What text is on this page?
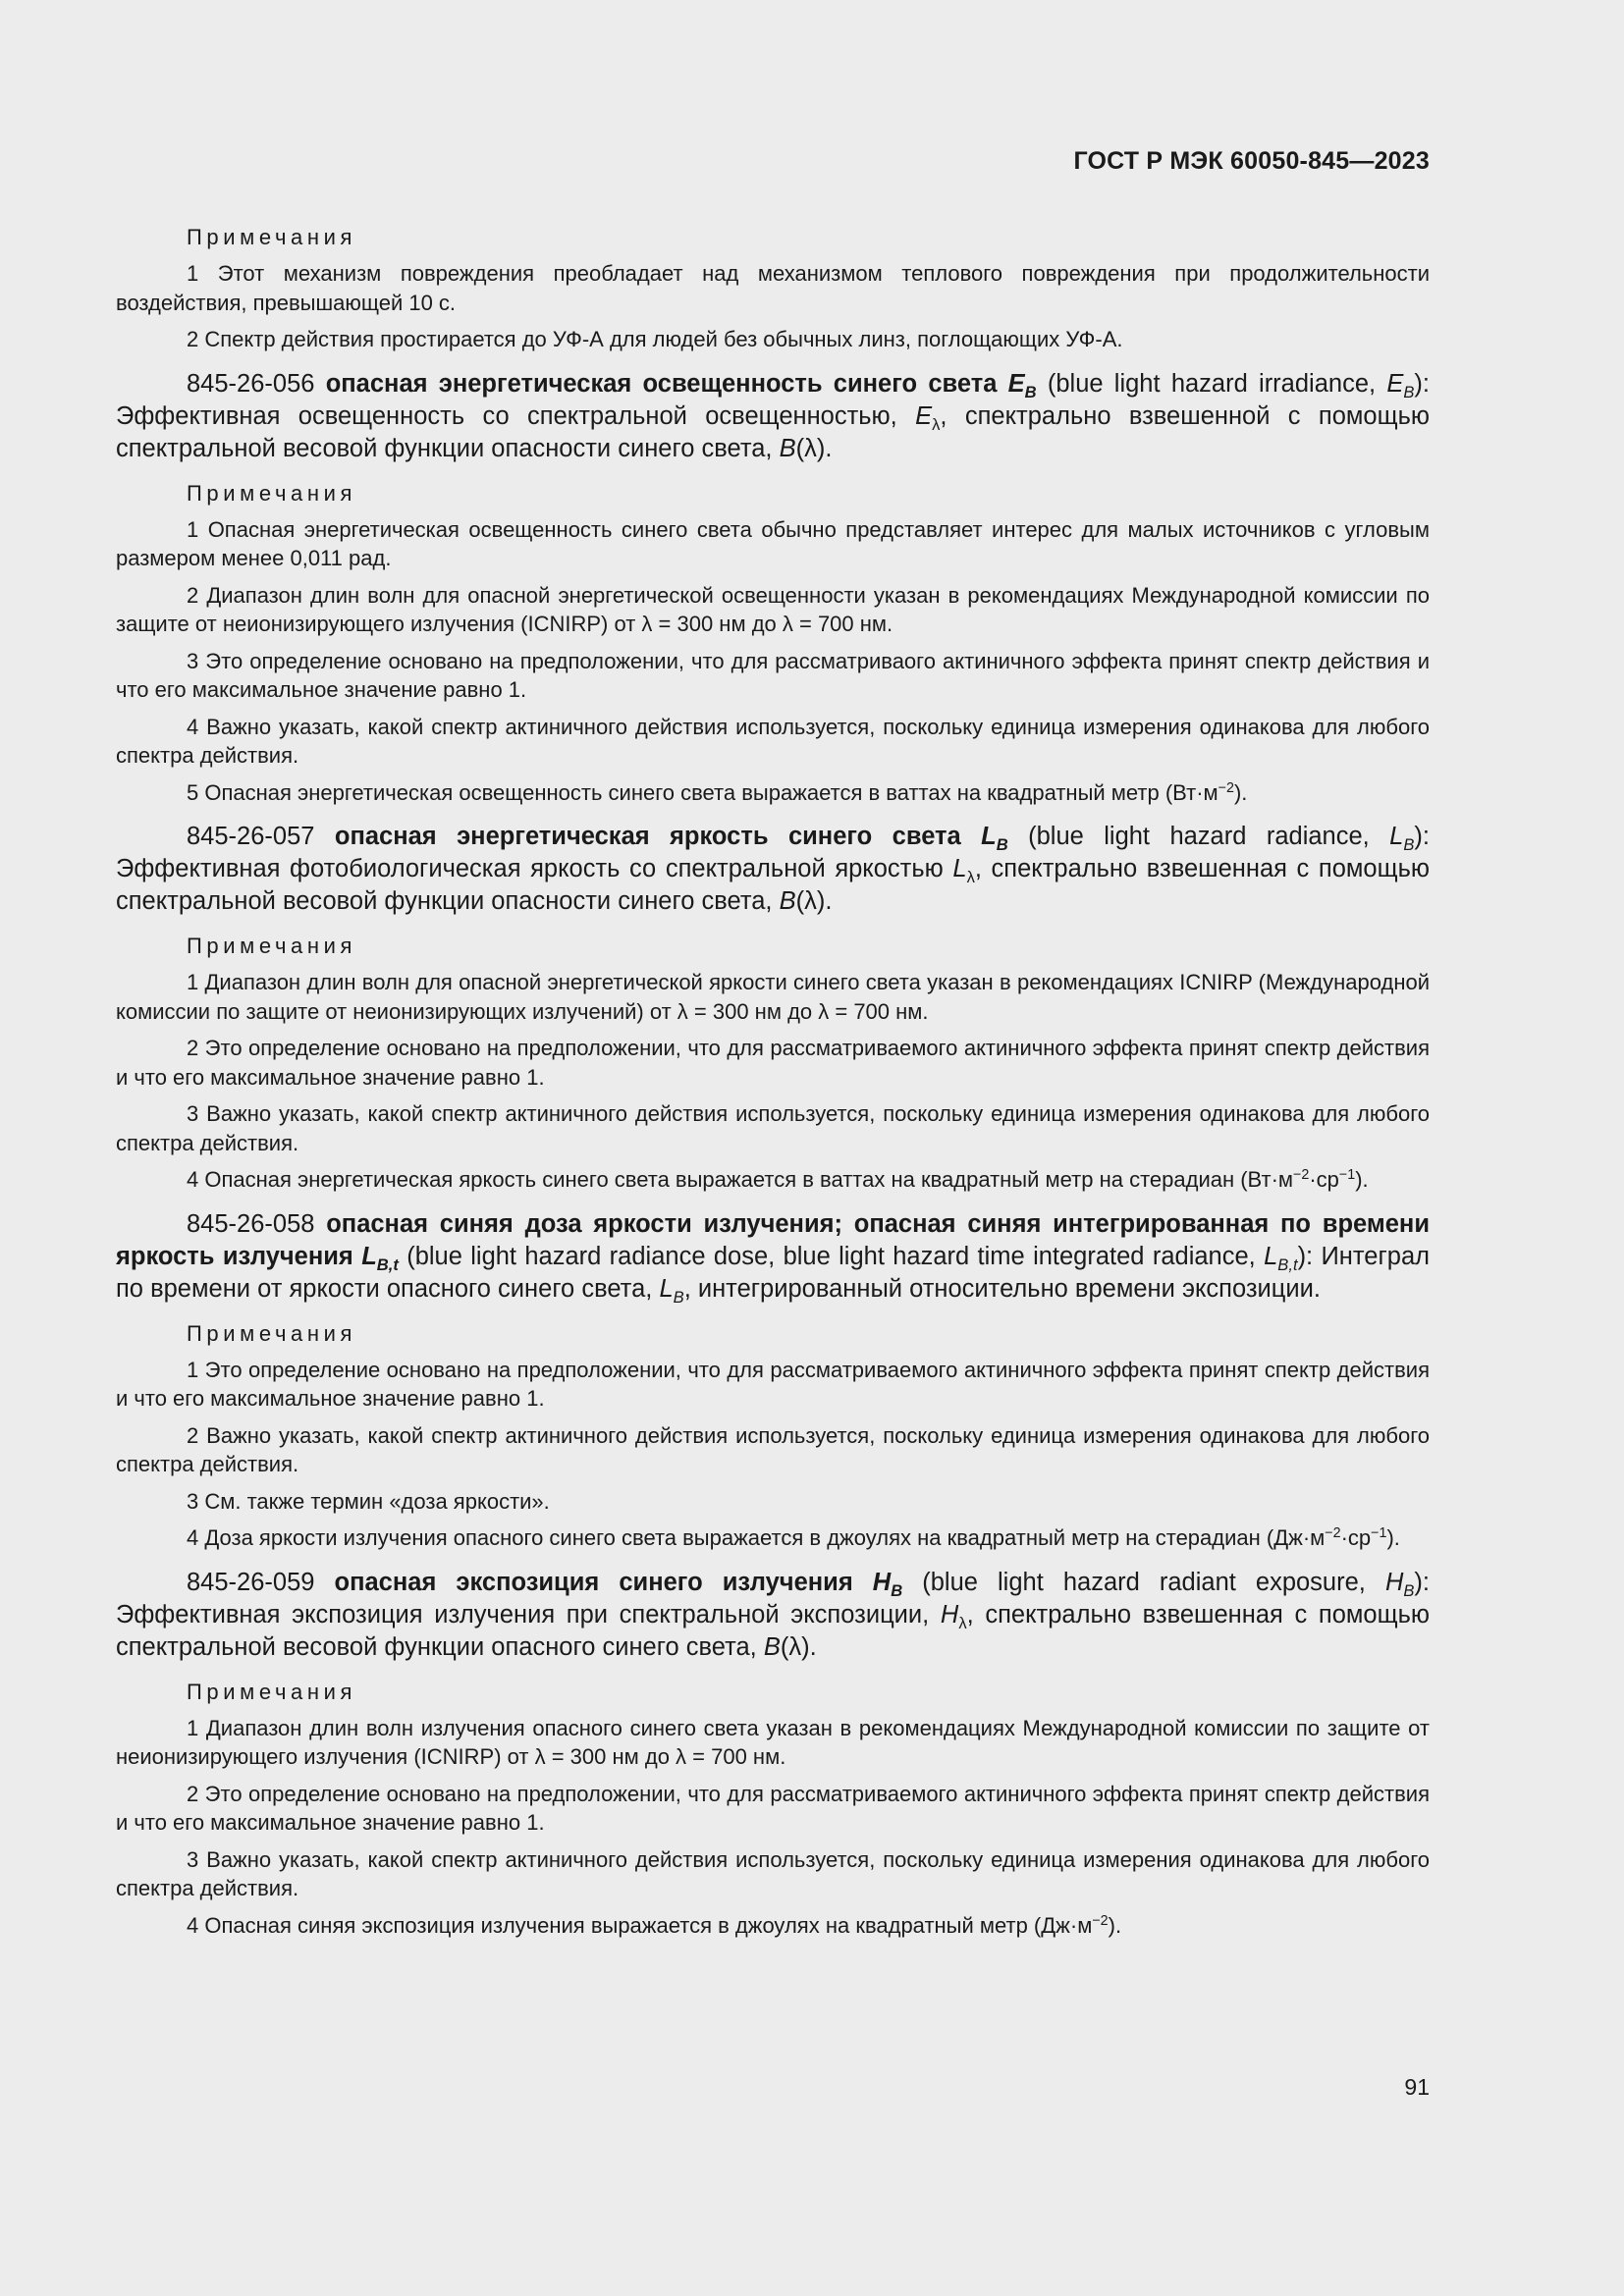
ГОСТ Р МЭК 60050-845—2023

Примечания

1 Этот механизм повреждения преобладает над механизмом теплового повреждения при продолжительности воздействия, превышающей 10 с.

2 Спектр действия простирается до УФ-А для людей без обычных линз, поглощающих УФ-А.

845-26-056 опасная энергетическая освещенность синего света $E_B$ (blue light hazard irradiance, $E_B$): Эффективная освещенность со спектральной освещенностью, $E_\lambda$, спектрально взвешенной с помощью спектральной весовой функции опасности синего света, B(λ).

Примечания

1 Опасная энергетическая освещенность синего света обычно представляет интерес для малых источников с угловым размером менее 0,011 рад.

2 Диапазон длин волн для опасной энергетической освещенности указан в рекомендациях Международной комиссии по защите от неионизирующего излучения (ICNIRP) от λ = 300 нм до λ = 700 нм.

3 Это определение основано на предположении, что для рассматриваого актиничного эффекта принят спектр действия и что его максимальное значение равно 1.

4 Важно указать, какой спектр актиничного действия используется, поскольку единица измерения одинакова для любого спектра действия.

5 Опасная энергетическая освещенность синего света выражается в ваттах на квадратный метр $(Вт\cdot м^{-2})$.

845-26-057 опасная энергетическая яркость синего света $L_B$ (blue light hazard radiance, $L_B$): Эффективная фотобиологическая яркость со спектральной яркостью $L_\lambda$, спектрально взвешенная с помощью спектральной весовой функции опасности синего света, B(λ).

Примечания

1 Диапазон длин волн для опасной энергетической яркости синего света указан в рекомендациях ICNIRP (Международной комиссии по защите от неионизирующих излучений) от λ = 300 нм до λ = 700 нм.

2 Это определение основано на предположении, что для рассматриваемого актиничного эффекта принят спектр действия и что его максимальное значение равно 1.

3 Важно указать, какой спектр актиничного действия используется, поскольку единица измерения одинакова для любого спектра действия.

4 Опасная энергетическая яркость синего света выражается в ваттах на квадратный метр на стерадиан $(Вт\cdot м^{-2}\cdot ср^{-1})$.

845-26-058 опасная синяя доза яркости излучения; опасная синяя интегрированная по времени яркость излучения $L_{B,t}$ (blue light hazard radiance dose, blue light hazard time integrated radiance, $L_{B,t}$): Интеграл по времени от яркости опасного синего света, $L_B$, интегрированный относительно времени экспозиции.

Примечания

1 Это определение основано на предположении, что для рассматриваемого актиничного эффекта принят спектр действия и что его максимальное значение равно 1.

2 Важно указать, какой спектр актиничного действия используется, поскольку единица измерения одинакова для любого спектра действия.

3 См. также термин «доза яркости».

4 Доза яркости излучения опасного синего света выражается в джоулях на квадратный метр на стерадиан $(Дж\cdot м^{-2}\cdot ср^{-1})$.

845-26-059 опасная экспозиция синего излучения $H_B$ (blue light hazard radiant exposure, $H_B$): Эффективная экспозиция излучения при спектральной экспозиции, $H_\lambda$, спектрально взвешенная с помощью спектральной весовой функции опасного синего света, B(λ).

Примечания

1 Диапазон длин волн излучения опасного синего света указан в рекомендациях Международной комиссии по защите от неионизирующего излучения (ICNIRP) от λ = 300 нм до λ = 700 нм.

2 Это определение основано на предположении, что для рассматриваемого актиничного эффекта принят спектр действия и что его максимальное значение равно 1.

3 Важно указать, какой спектр актиничного действия используется, поскольку единица измерения одинакова для любого спектра действия.

4 Опасная синяя экспозиция излучения выражается в джоулях на квадратный метр $(Дж\cdot м^{-2})$.

91
